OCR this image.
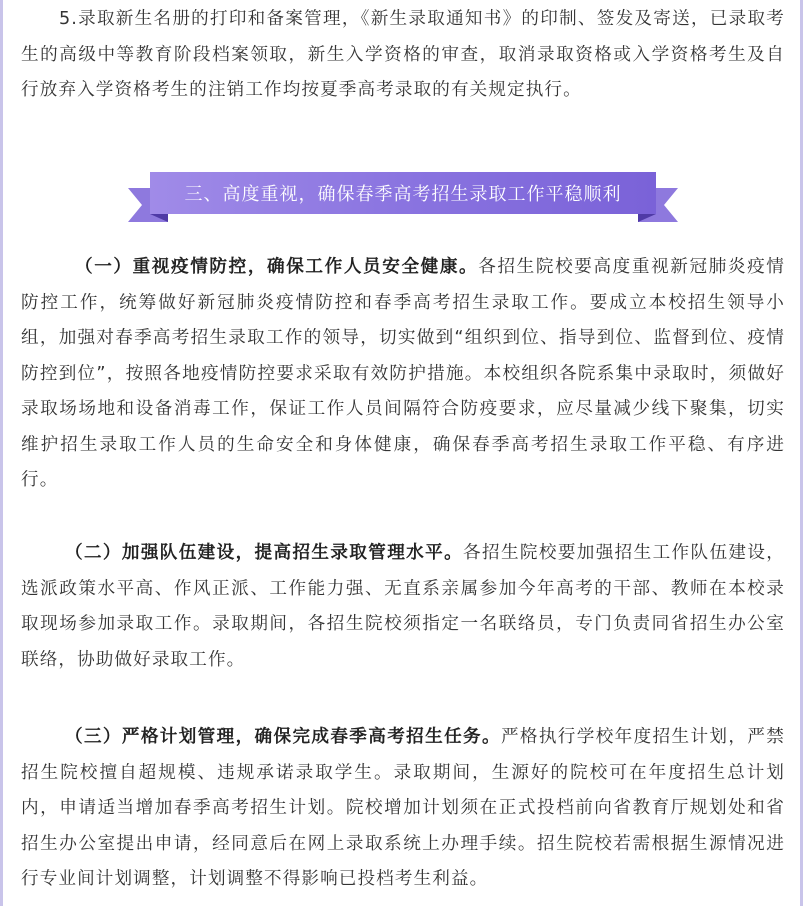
5.录取新生名册的打印和备案管理，《新生录取通知书》的印制、签发及寄送，已录取考生的高级中等教育阶段档案领取，新生入学资格的审查，取消录取资格或入学资格考生及自行放弃入学资格考生的注销工作均按夏季高考录取的有关规定执行。

三、高度重视，确保春季高考招生录取工作平稳顺利

（一）重视疫情防控，确保工作人员安全健康。各招生院校要高度重视新冠肺炎疫情防控工作，统筹做好新冠肺炎疫情防控和春季高考招生录取工作。要成立本校招生领导小组，加强对春季高考招生录取工作的领导，切实做到“组织到位、指导到位、监督到位、疫情防控到位”，按照各地疫情防控要求采取有效防护措施。本校组织各院系集中录取时，须做好录取场场地和设备消毒工作，保证工作人员间隔符合防疫要求，应尽量减少线下聚集，切实维护招生录取工作人员的生命安全和身体健康，确保春季高考招生录取工作平稳、有序进行。

（二）加强队伍建设，提高招生录取管理水平。各招生院校要加强招生工作队伍建设，选派政策水平高、作风正派、工作能力强、无直系亲属参加今年高考的干部、教师在本校录取现场参加录取工作。录取期间，各招生院校须指定一名联络员，专门负责同省招生办公室联络，协助做好录取工作。

（三）严格计划管理，确保完成春季高考招生任务。严格执行学校年度招生计划，严禁招生院校擅自超规模、违规承诺录取学生。录取期间，生源好的院校可在年度招生总计划内，申请适当增加春季高考招生计划。院校增加计划须在正式投档前向省教育厅规划处和省招生办公室提出申请，经同意后在网上录取系统上办理手续。招生院校若需根据生源情况进行专业间计划调整，计划调整不得影响已投档考生利益。
